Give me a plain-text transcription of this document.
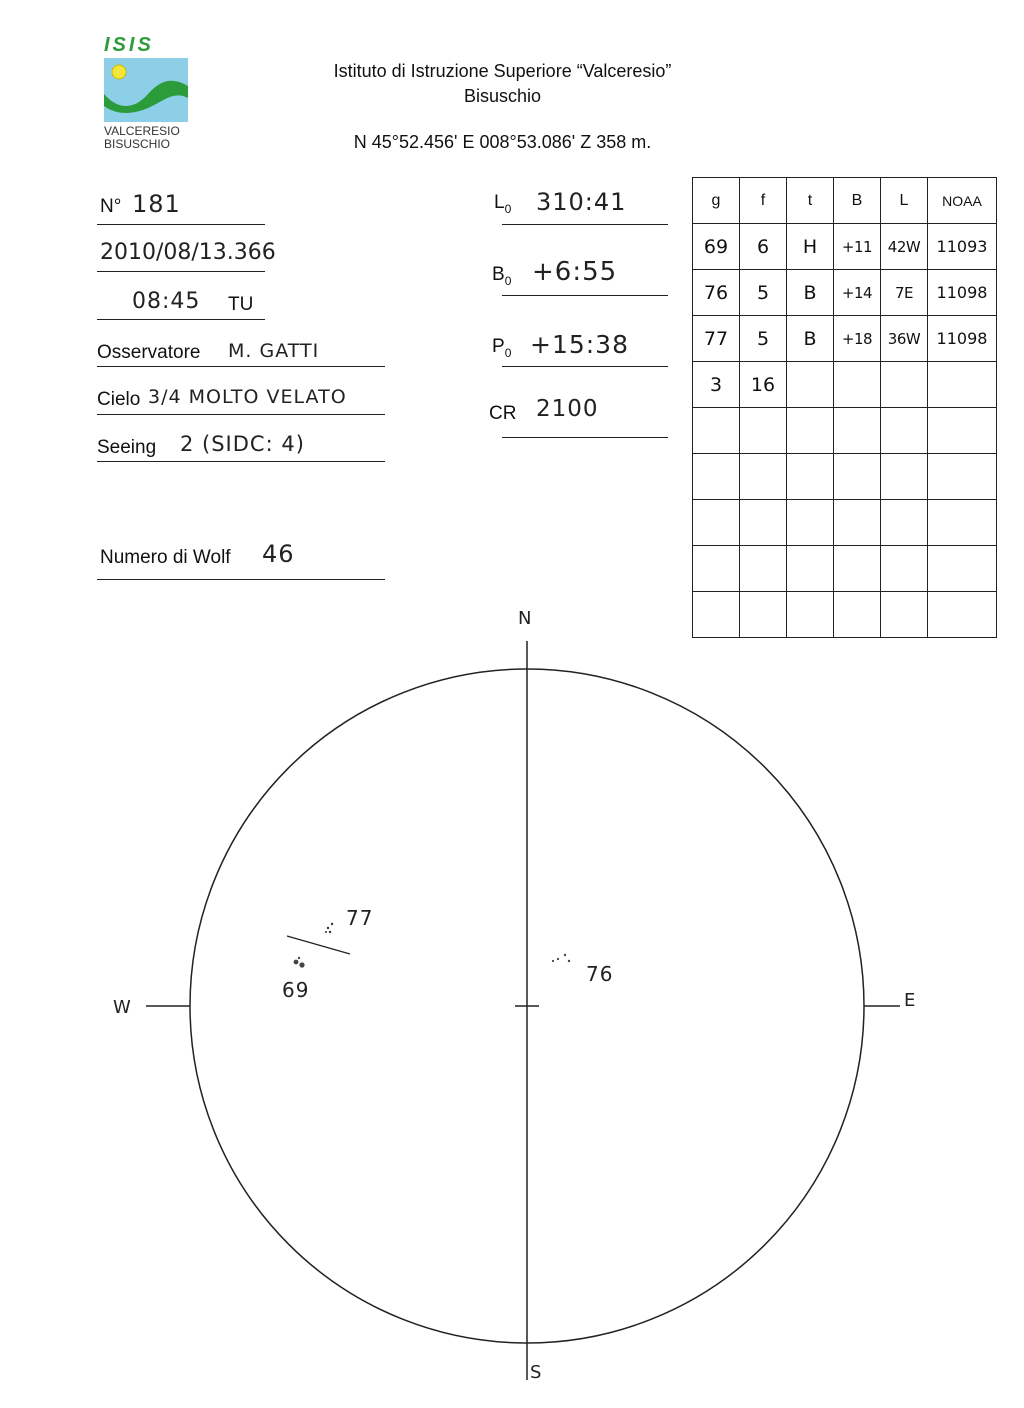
ISIS
VALCERESIO
BISUSCHIO
Istituto di Istruzione Superiore “Valceresio”
Bisuschio
N 45°52.456' E 008°53.086' Z 358 m.
N° 181
2010/08/13.366
08:45 TU
Osservatore M. GATTI
Cielo 3/4 MOLTO VELATO
Seeing 2 (SIDC: 4)
Numero di Wolf 46
$L_0$ 310:41
$B_0$ +6:55
$P_0$ +15:38
CR 2100
g	f	t	B	L	NOAA
69	6	H	+11	42W	11093
76	5	B	+14	7E	11098
77	5	B	+18	36W	11098
3	16				

N
S
W	E
77
69
76
